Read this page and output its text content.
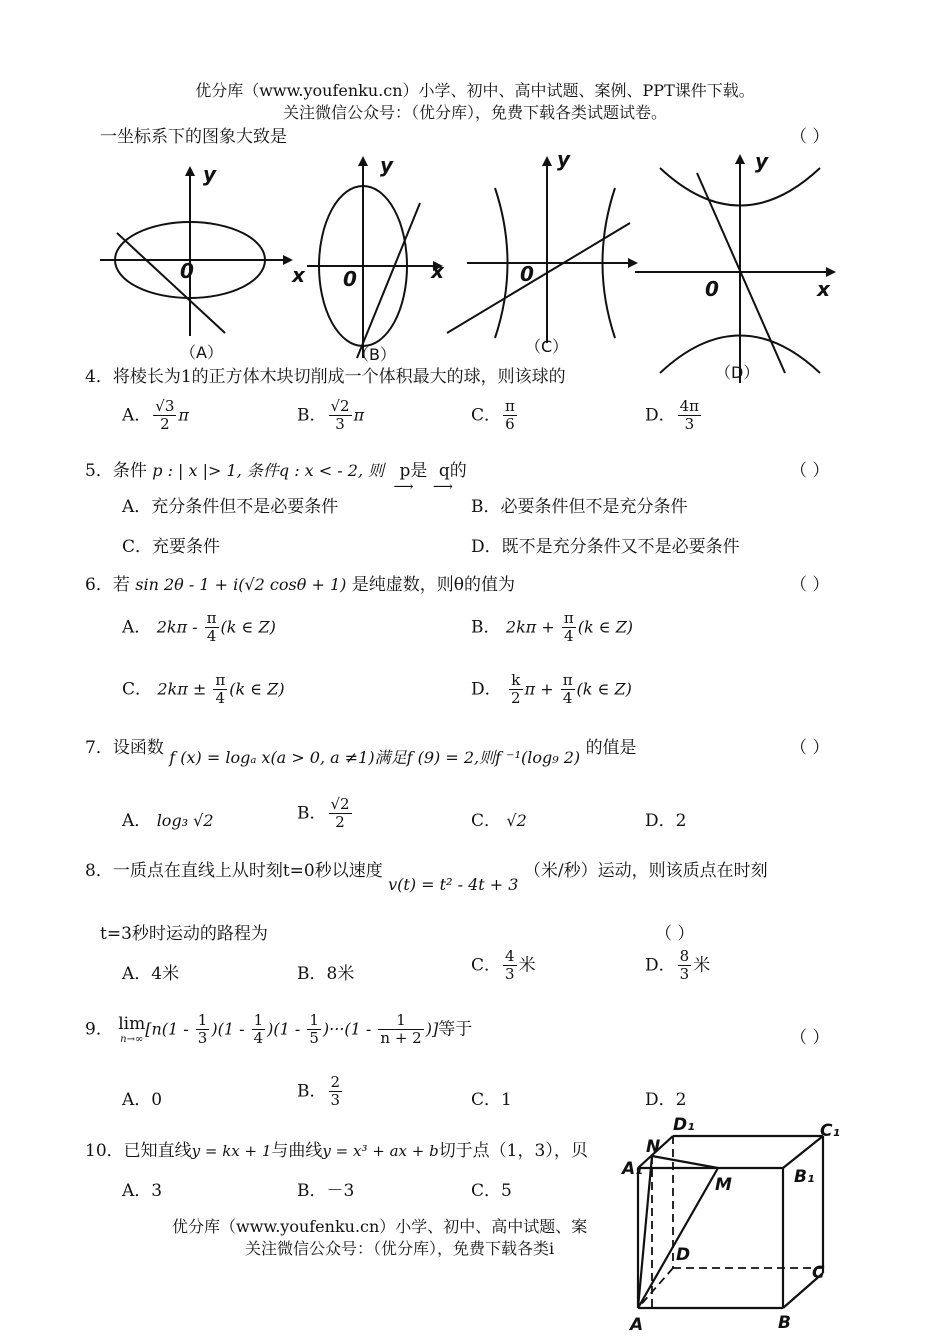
优分库（www.youfenku.cn）小学、初中、高中试题、案例、PPT课件下载。
关注微信公众号：（优分库），免费下载各类试题试卷。
一坐标系下的图象大致是	（ ）
y
0	x
y
0	x
y
0
y
0	x
（A）	（B）	（C）
（D）
4．将棱长为1的正方体木块切削成一个体积最大的球，则该球的
A． $\frac{√3}{2}$ π	B． $\frac{√2}{3}$ π	C． $\frac{\pi}{6}$	D． $\frac{4\pi}{3}$
5．条件 p : | x |> 1, 条件q : x < - 2, 则 p
⟶
是 q
⟶
的	（ ）
A．充分条件但不是必要条件	B．必要条件但不是充分条件
C．充要条件	D．既不是充分条件又不是必要条件
6．若 sin 2θ - 1 + i(√2 cosθ + 1) 是纯虚数，则θ的值为	（ ）
A． $2k\pi - \frac{\pi}{4} (k$ ∈ Z)	B． $2k\pi + \frac{\pi}{4} (k$ ∈ Z)
C． $2k\pi \pm \frac{\pi}{4} (k$ ∈ Z)	D． $\frac{k}{2}$ $\pi + \frac{\pi}{4} (k$ ∈ Z)
7．设函数 f (x) = logₐ x(a > 0, a ≠1)满足f (9) = 2,则f ⁻¹(log₉ 2) 的值是	（ ）
A． log₃ √2	B． $\frac{√2}{2}$	C． √2	D．2
8．一质点在直线上从时刻t=0秒以速度 v(t) = t² - 4t + 3 （米/秒）运动，则该质点在时刻
t=3秒时运动的路程为	（ ）
A．4米	B．8米	C． $\frac{4}{3}$ 米	D． $\frac{8}{3}$ 米
9． lim
n→∞
[$n(1 - \frac{1}{3} )(1 - \frac{1}{4} )(1 - \frac{1}{5} )\cdot\cdot\cdot(1 - \frac{1}{n + 2}$ )]等于	（ ）
A．0	B． $\frac{2}{3}$	C．1	D．2
10．已知直线y = kx + 1与曲线y = x³ + ax + b切于点（1，3），贝
A．3	B．－3	C．5
优分库（www.youfenku.cn）小学、初中、高中试题、案
关注微信公众号：（优分库），免费下载各类i
D₁	C₁
N
A₁	B₁
M
D
C
A	B
